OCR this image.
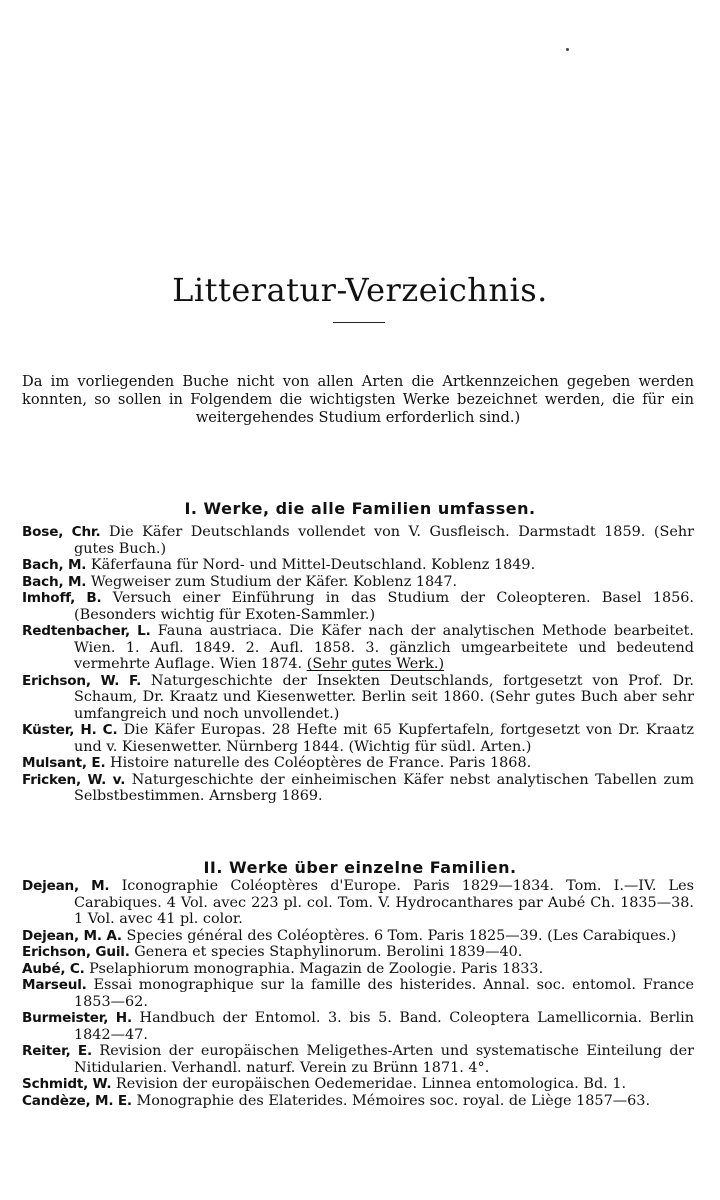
Litteratur-Verzeichnis.

Da im vorliegenden Buche nicht von allen Arten die Artkennzeichen gegeben werden konnten, so sollen in Folgendem die wichtigsten Werke bezeichnet werden, die für ein weitergehendes Studium erforderlich sind.)

I. Werke, die alle Familien umfassen.
Bose, Chr. Die Käfer Deutschlands vollendet von V. Gusfleisch. Darmstadt 1859. (Sehr gutes Buch.)
Bach, M. Käferfauna für Nord- und Mittel-Deutschland. Koblenz 1849.
Bach, M. Wegweiser zum Studium der Käfer. Koblenz 1847.
Imhoff, B. Versuch einer Einführung in das Studium der Coleopteren. Basel 1856. (Besonders wichtig für Exoten-Sammler.)
Redtenbacher, L. Fauna austriaca. Die Käfer nach der analytischen Methode bearbeitet. Wien. 1. Aufl. 1849. 2. Aufl. 1858. 3. gänzlich umgearbeitete und bedeutend vermehrte Auflage. Wien 1874. (Sehr gutes Werk.)
Erichson, W. F. Naturgeschichte der Insekten Deutschlands, fortgesetzt von Prof. Dr. Schaum, Dr. Kraatz und Kiesenwetter. Berlin seit 1860. (Sehr gutes Buch aber sehr umfangreich und noch unvollendet.)
Küster, H. C. Die Käfer Europas. 28 Hefte mit 65 Kupfertafeln, fortgesetzt von Dr. Kraatz und v. Kiesenwetter. Nürnberg 1844. (Wichtig für südl. Arten.)
Mulsant, E. Histoire naturelle des Coléoptères de France. Paris 1868.
Fricken, W. v. Naturgeschichte der einheimischen Käfer nebst analytischen Tabellen zum Selbstbestimmen. Arnsberg 1869.
II. Werke über einzelne Familien.
Dejean, M. Iconographie Coléoptères d'Europe. Paris 1829—1834. Tom. I.—IV. Les Carabiques. 4 Vol. avec 223 pl. col. Tom. V. Hydrocanthares par Aubé Ch. 1835—38. 1 Vol. avec 41 pl. color.
Dejean, M. A. Species général des Coléoptères. 6 Tom. Paris 1825—39. (Les Carabiques.)
Erichson, Guil. Genera et species Staphylinorum. Berolini 1839—40.
Aubé, C. Pselaphiorum monographia. Magazin de Zoologie. Paris 1833.
Marseul. Essai monographique sur la famille des histerides. Annal. soc. entomol. France 1853—62.
Burmeister, H. Handbuch der Entomol. 3. bis 5. Band. Coleoptera Lamellicornia. Berlin 1842—47.
Reiter, E. Revision der europäischen Meligethes-Arten und systematische Einteilung der Nitidularien. Verhandl. naturf. Verein zu Brünn 1871. 4°.
Schmidt, W. Revision der europäischen Oedemeridae. Linnea entomologica. Bd. 1.
Candèze, M. E. Monographie des Elaterides. Mémoires soc. royal. de Liège 1857—63.
